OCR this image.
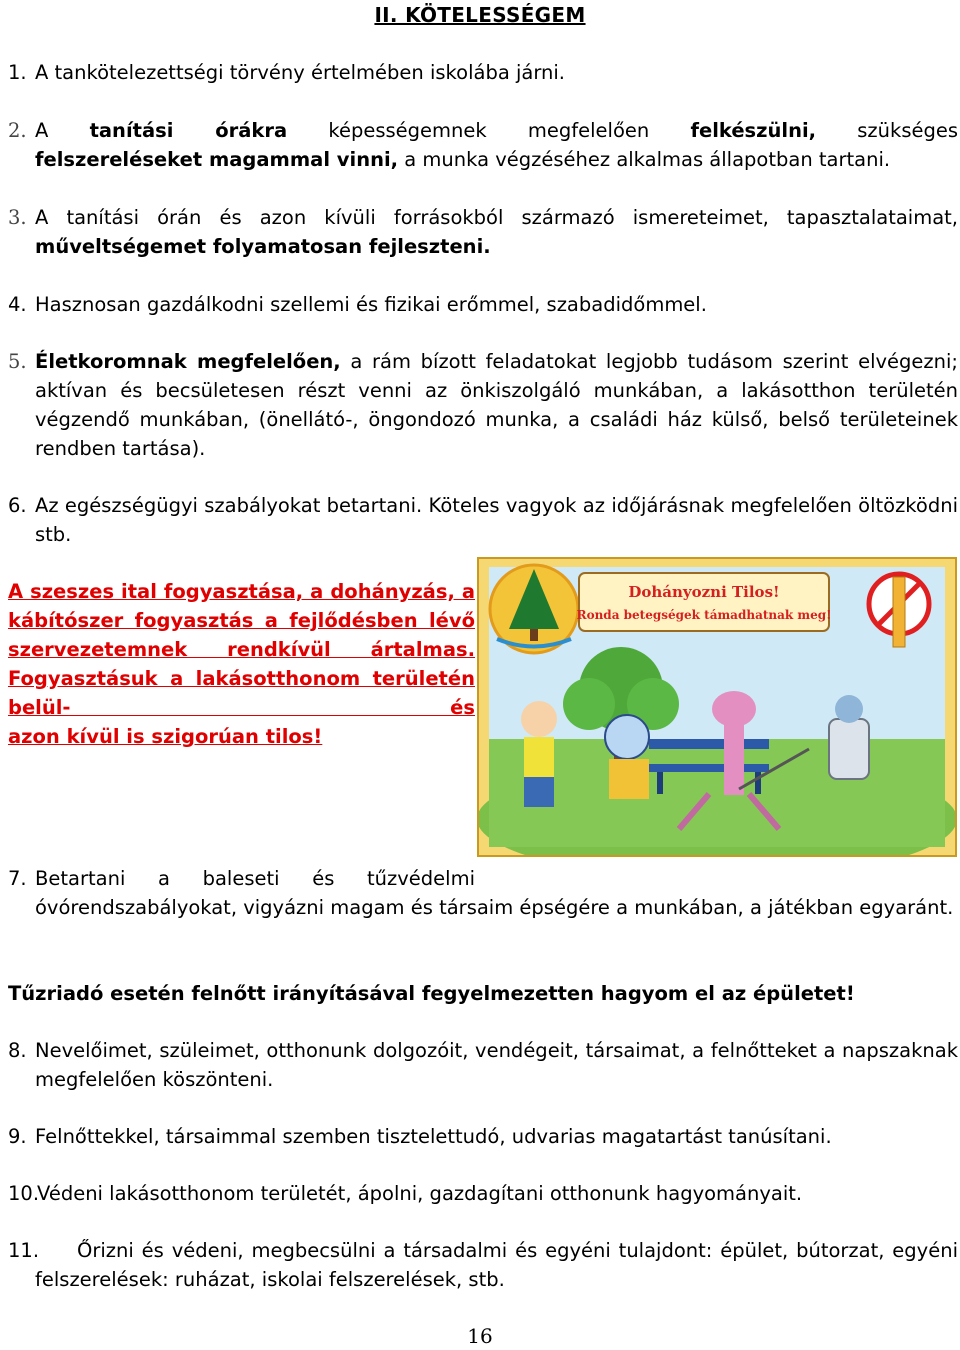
II. KÖTELESSÉGEM
1. A tankötelezettségi törvény értelmében iskolába járni.
2. A tanítási órákra képességemnek megfelelően felkészülni, szükséges
felszereléseket magammal vinni, a munka végzéséhez alkalmas állapotban tartani.
3. A tanítási órán és azon kívüli forrásokból származó ismereteimet, tapasztalataimat,
műveltségemet folyamatosan fejleszteni.
4. Hasznosan gazdálkodni szellemi és fizikai erőmmel, szabadidőmmel.
5. Életkoromnak megfelelően, a rám bízott feladatokat legjobb tudásom szerint elvégezni; aktívan és becsületesen részt venni az önkiszolgáló munkában, a lakásotthon területén végzendő munkában, (önellátó-, öngondozó munka, a családi ház külső, belső területeinek rendben tartása).
6. Az egészségügyi szabályokat betartani. Köteles vagyok az időjárásnak megfelelően öltözködni stb.
A szeszes ital fogyasztása, a dohányzás, a kábítószer fogyasztás a fejlődésben lévő szervezetemnek rendkívül ártalmas. Fogyasztásuk a lakásotthonom területén belül- és
azon kívül is szigorúan tilos!
Dohányozni Tilos!
Ronda betegségek támadhatnak meg!
7. Betartani a baleseti és tűzvédelmi
óvórendszabályokat, vigyázni magam és társaim épségére a munkában, a játékban egyaránt.
Tűzriadó esetén felnőtt irányításával fegyelmezetten hagyom el az épületet!
8. Nevelőimet, szüleimet, otthonunk dolgozóit, vendégeit, társaimat, a felnőtteket a napszaknak megfelelően köszönteni.
9. Felnőttekkel, társaimmal szemben tisztelettudó, udvarias magatartást tanúsítani.
10.
Védeni lakásotthonom területét, ápolni, gazdagítani otthonunk hagyományait.
11.	Őrizni és védeni, megbecsülni a társadalmi és egyéni tulajdont: épület, bútorzat, egyéni felszerelések: ruházat, iskolai felszerelések, stb.
16
